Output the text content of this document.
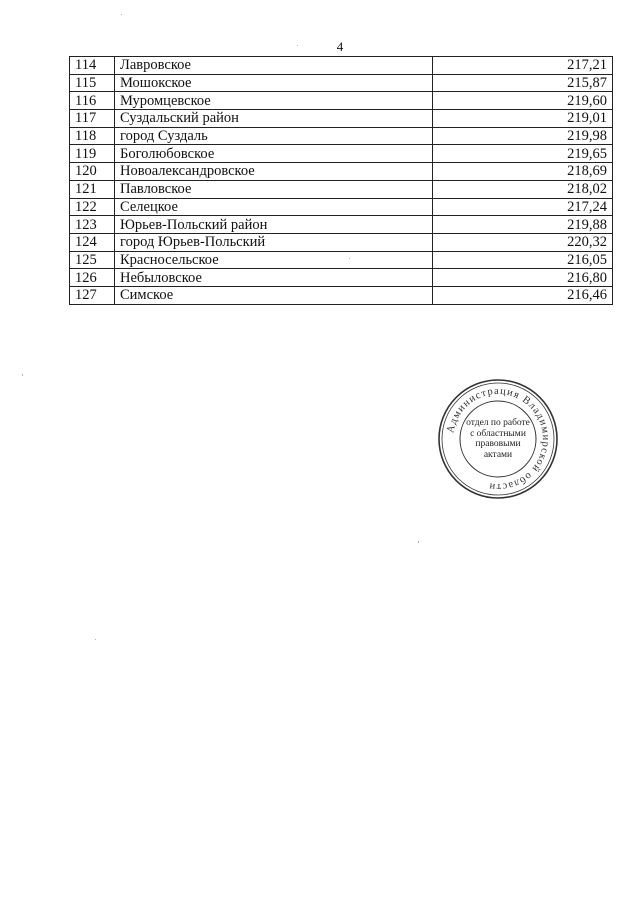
4
114	Лавровское	217,21
115	Мошокское	215,87
116	Муромцевское	219,60
117	Суздальский район	219,01
118	город Суздаль	219,98
119	Боголюбовское	219,65
120	Новоалександровское	218,69
121	Павловское	218,02
122	Селецкое	217,24
123	Юрьев-Польский район	219,88
124	город Юрьев-Польский	220,32
125	Красносельское	216,05
126	Небыловское	216,80
127	Симское	216,46
Администрация Владимирской области
отдел по работе
с областными
правовыми
актами
